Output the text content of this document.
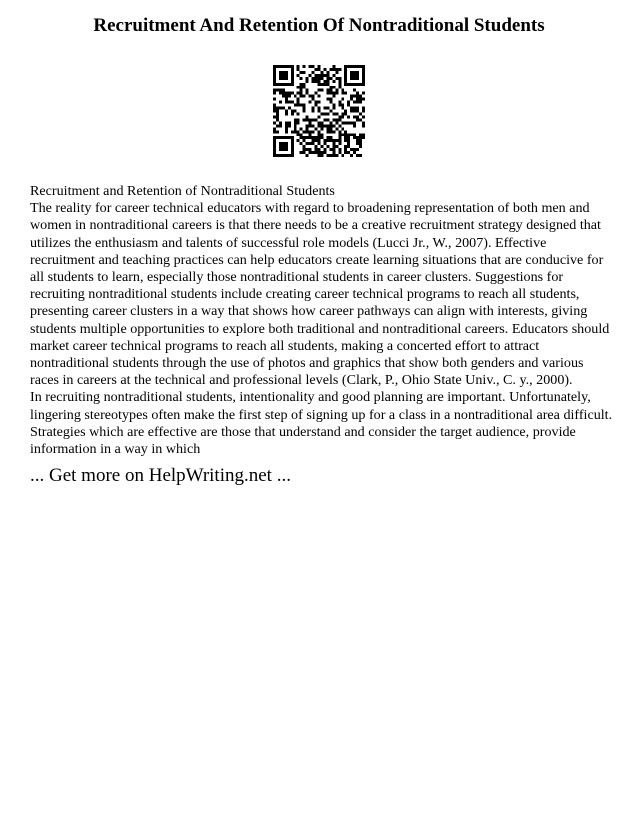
Recruitment And Retention Of Nontraditional Students

Recruitment and Retention of Nontraditional Students

The reality for career technical educators with regard to broadening representation of both men and women in nontraditional careers is that there needs to be a creative recruitment strategy designed that utilizes the enthusiasm and talents of successful role models (Lucci Jr., W., 2007). Effective recruitment and teaching practices can help educators create learning situations that are conducive for all students to learn, especially those nontraditional students in career clusters. Suggestions for recruiting nontraditional students include creating career technical programs to reach all students, presenting career clusters in a way that shows how career pathways can align with interests, giving students multiple opportunities to explore both traditional and nontraditional careers. Educators should market career technical programs to reach all students, making a concerted effort to attract nontraditional students through the use of photos and graphics that show both genders and various races in careers at the technical and professional levels (Clark, P., Ohio State Univ., C. y., 2000).

In recruiting nontraditional students, intentionality and good planning are important. Unfortunately, lingering stereotypes often make the first step of signing up for a class in a nontraditional area difficult. Strategies which are effective are those that understand and consider the target audience, provide information in a way in which

... Get more on HelpWriting.net ...
